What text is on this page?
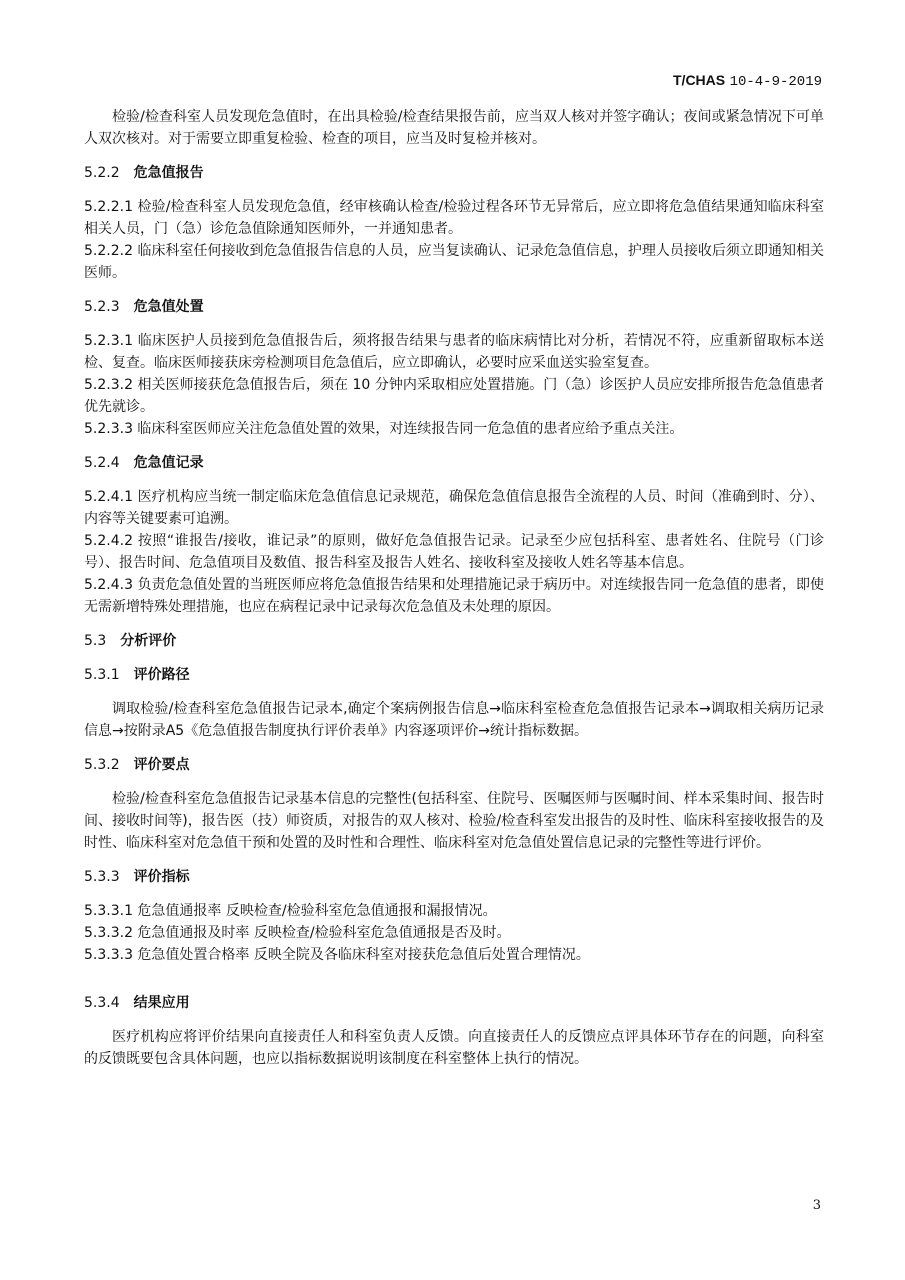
T/CHAS 10-4-9-2019

检验/检查科室人员发现危急值时，在出具检验/检查结果报告前，应当双人核对并签字确认；夜间或紧急情况下可单人双次核对。对于需要立即重复检验、检查的项目，应当及时复检并核对。

5.2.2 危急值报告

5.2.2.1 检验/检查科室人员发现危急值，经审核确认检查/检验过程各环节无异常后，应立即将危急值结果通知临床科室相关人员，门（急）诊危急值除通知医师外，一并通知患者。

5.2.2.2 临床科室任何接收到危急值报告信息的人员，应当复读确认、记录危急值信息，护理人员接收后须立即通知相关医师。

5.2.3 危急值处置

5.2.3.1 临床医护人员接到危急值报告后，须将报告结果与患者的临床病情比对分析，若情况不符，应重新留取标本送检、复查。临床医师接获床旁检测项目危急值后，应立即确认，必要时应采血送实验室复查。

5.2.3.2 相关医师接获危急值报告后，须在 10 分钟内采取相应处置措施。门（急）诊医护人员应安排所报告危急值患者优先就诊。

5.2.3.3 临床科室医师应关注危急值处置的效果，对连续报告同一危急值的患者应给予重点关注。

5.2.4 危急值记录

5.2.4.1 医疗机构应当统一制定临床危急值信息记录规范，确保危急值信息报告全流程的人员、时间（准确到时、分）、内容等关键要素可追溯。

5.2.4.2 按照“谁报告/接收，谁记录”的原则，做好危急值报告记录。记录至少应包括科室、患者姓名、住院号（门诊号）、报告时间、危急值项目及数值、报告科室及报告人姓名、接收科室及接收人姓名等基本信息。

5.2.4.3 负责危急值处置的当班医师应将危急值报告结果和处理措施记录于病历中。对连续报告同一危急值的患者，即使无需新增特殊处理措施，也应在病程记录中记录每次危急值及未处理的原因。

5.3 分析评价
5.3.1 评价路径

调取检验/检查科室危急值报告记录本,确定个案病例报告信息→临床科室检查危急值报告记录本→调取相关病历记录信息→按附录A5《危急值报告制度执行评价表单》内容逐项评价→统计指标数据。

5.3.2 评价要点

检验/检查科室危急值报告记录基本信息的完整性(包括科室、住院号、医嘱医师与医嘱时间、样本采集时间、报告时间、接收时间等)，报告医（技）师资质，对报告的双人核对、检验/检查科室发出报告的及时性、临床科室接收报告的及时性、临床科室对危急值干预和处置的及时性和合理性、临床科室对危急值处置信息记录的完整性等进行评价。

5.3.3 评价指标

5.3.3.1 危急值通报率 反映检查/检验科室危急值通报和漏报情况。

5.3.3.2 危急值通报及时率 反映检查/检验科室危急值通报是否及时。

5.3.3.3 危急值处置合格率 反映全院及各临床科室对接获危急值后处置合理情况。

5.3.4 结果应用

医疗机构应将评价结果向直接责任人和科室负责人反馈。向直接责任人的反馈应点评具体环节存在的问题，向科室的反馈既要包含具体问题，也应以指标数据说明该制度在科室整体上执行的情况。

3
